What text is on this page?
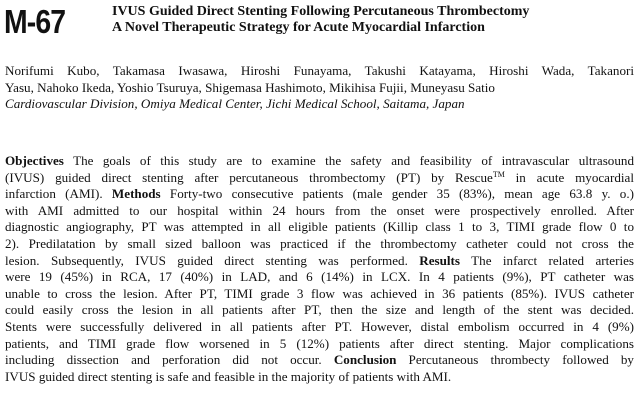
M-67	IVUS Guided Direct Stenting Following Percutaneous Thrombectomy
A Novel Therapeutic Strategy for Acute Myocardial Infarction
Norifumi Kubo, Takamasa Iwasawa, Hiroshi Funayama, Takushi Katayama, Hiroshi Wada, Takanori
Yasu, Nahoko Ikeda, Yoshio Tsuruya, Shigemasa Hashimoto, Mikihisa Fujii, Muneyasu Satio
Cardiovascular Division, Omiya Medical Center, Jichi Medical School, Saitama, Japan
Objectives The goals of this study are to examine the safety and feasibility of intravascular ultrasound
(IVUS) guided direct stenting after percutaneous thrombectomy (PT) by Rescue™ in acute myocardial
infarction (AMI). Methods Forty-two consecutive patients (male gender 35 (83%), mean age 63.8 y. o.)
with AMI admitted to our hospital within 24 hours from the onset were prospectively enrolled. After
diagnostic angiography, PT was attempted in all eligible patients (Killip class 1 to 3, TIMI grade flow 0 to
2). Predilatation by small sized balloon was practiced if the thrombectomy catheter could not cross the
lesion. Subsequently, IVUS guided direct stenting was performed. Results The infarct related arteries
were 19 (45%) in RCA, 17 (40%) in LAD, and 6 (14%) in LCX. In 4 patients (9%), PT catheter was
unable to cross the lesion. After PT, TIMI grade 3 flow was achieved in 36 patients (85%). IVUS catheter
could easily cross the lesion in all patients after PT, then the size and length of the stent was decided.
Stents were successfully delivered in all patients after PT. However, distal embolism occurred in 4 (9%)
patients, and TIMI grade flow worsened in 5 (12%) patients after direct stenting. Major complications
including dissection and perforation did not occur. Conclusion Percutaneous thrombecty followed by
IVUS guided direct stenting is safe and feasible in the majority of patients with AMI.
